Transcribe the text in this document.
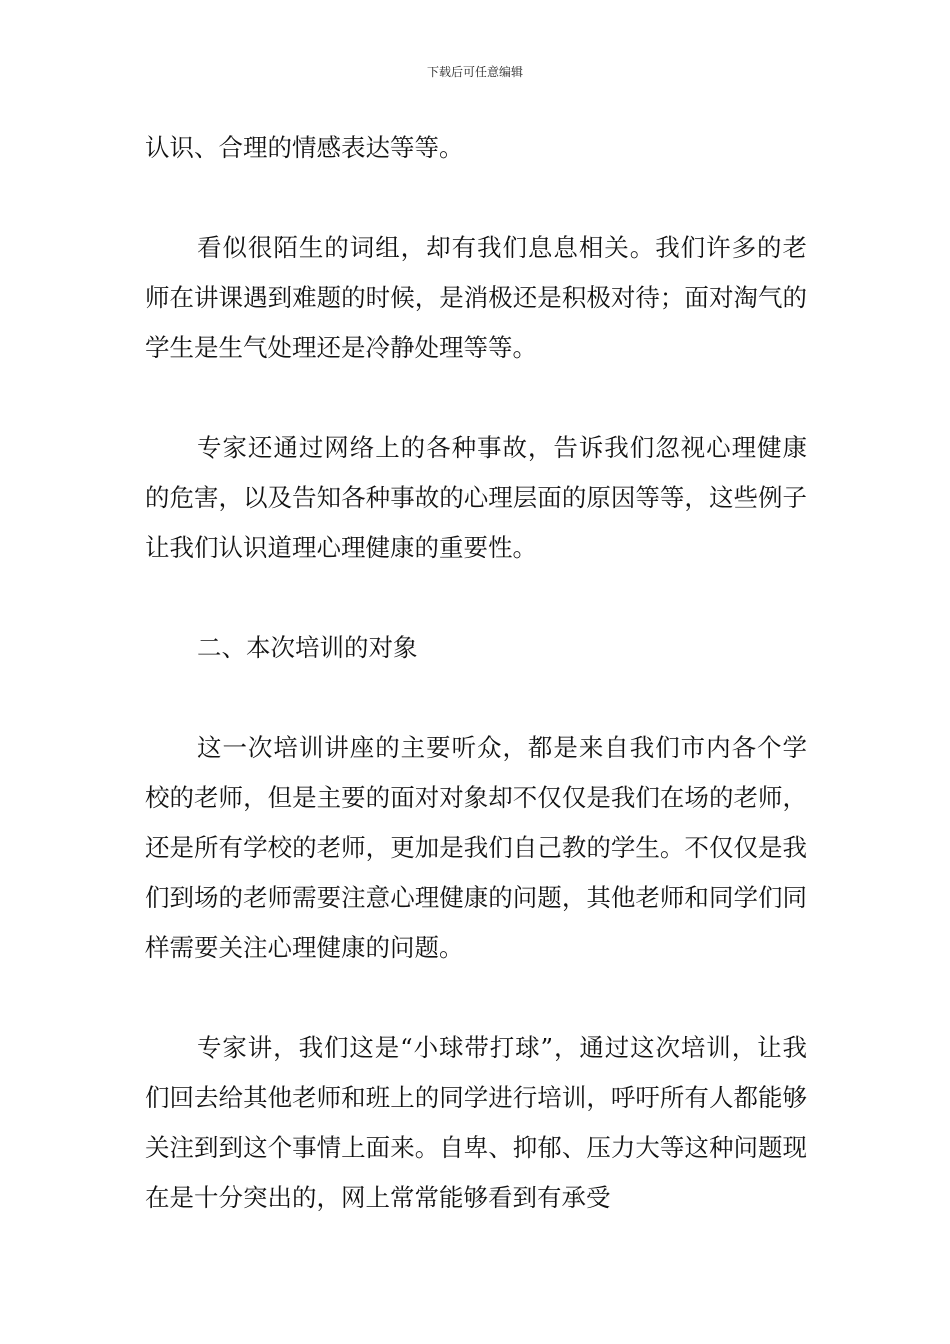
下载后可任意编辑

认识、合理的情感表达等等。

看似很陌生的词组，却有我们息息相关。我们许多的老师在讲课遇到难题的时候，是消极还是积极对待；面对淘气的学生是生气处理还是冷静处理等等。

专家还通过网络上的各种事故，告诉我们忽视心理健康的危害，以及告知各种事故的心理层面的原因等等，这些例子让我们认识道理心理健康的重要性。

二、本次培训的对象

这一次培训讲座的主要听众，都是来自我们市内各个学校的老师，但是主要的面对对象却不仅仅是我们在场的老师，还是所有学校的老师，更加是我们自己教的学生。不仅仅是我们到场的老师需要注意心理健康的问题，其他老师和同学们同样需要关注心理健康的问题。

专家讲，我们这是“小球带打球”，通过这次培训，让我们回去给其他老师和班上的同学进行培训，呼吁所有人都能够关注到到这个事情上面来。自卑、抑郁、压力大等这种问题现在是十分突出的，网上常常能够看到有承受
